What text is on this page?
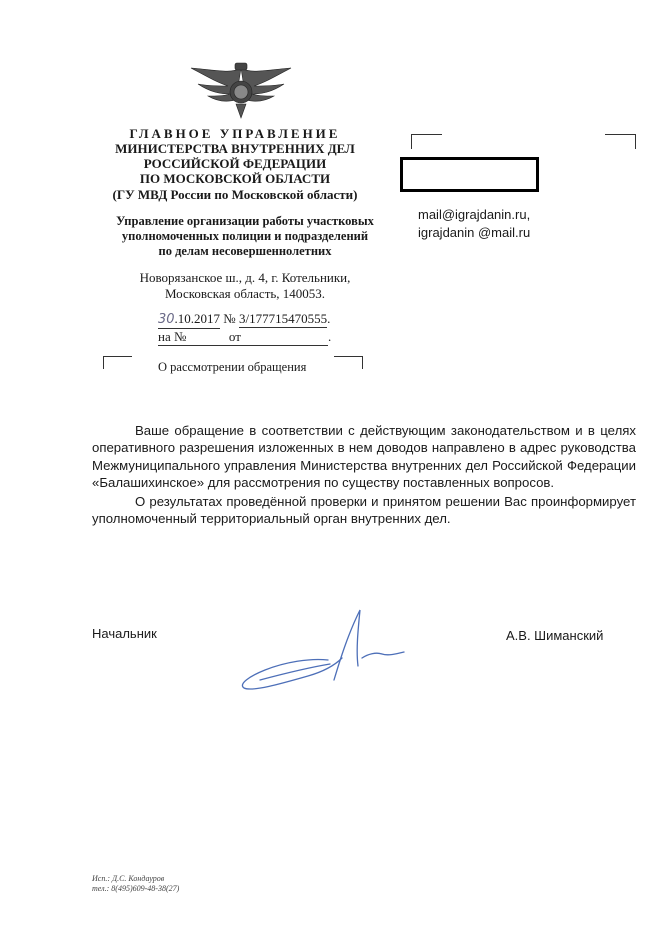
ГЛАВНОЕ УПРАВЛЕНИЕ
МИНИСТЕРСТВА ВНУТРЕННИХ ДЕЛ
РОССИЙСКОЙ ФЕДЕРАЦИИ
ПО МОСКОВСКОЙ ОБЛАСТИ
(ГУ МВД России по Московской области)
Управление организации работы участковых
уполномоченных полиции и подразделений
по делам несовершеннолетних
Новорязанское ш., д. 4, г. Котельники,
Московская область, 140053.
30.10.2017 № 3/177715470555.
на №	от	.
О рассмотрении обращения
mail@igrajdanin.ru,
igrajdanin @mail.ru

Ваше обращение в соответствии с действующим законодательством и в целях оперативного разрешения изложенных в нем доводов направлено в адрес руководства Межмуниципального управления Министерства внутренних дел Российской Федерации «Балашихинское» для рассмотрения по существу поставленных вопросов.

О результатах проведённой проверки и принятом решении Вас проинформирует уполномоченный территориальный орган внутренних дел.

Начальник	А.В. Шиманский
Исп.: Д.С. Кондауров
тел.: 8(495)609-48-38(27)
